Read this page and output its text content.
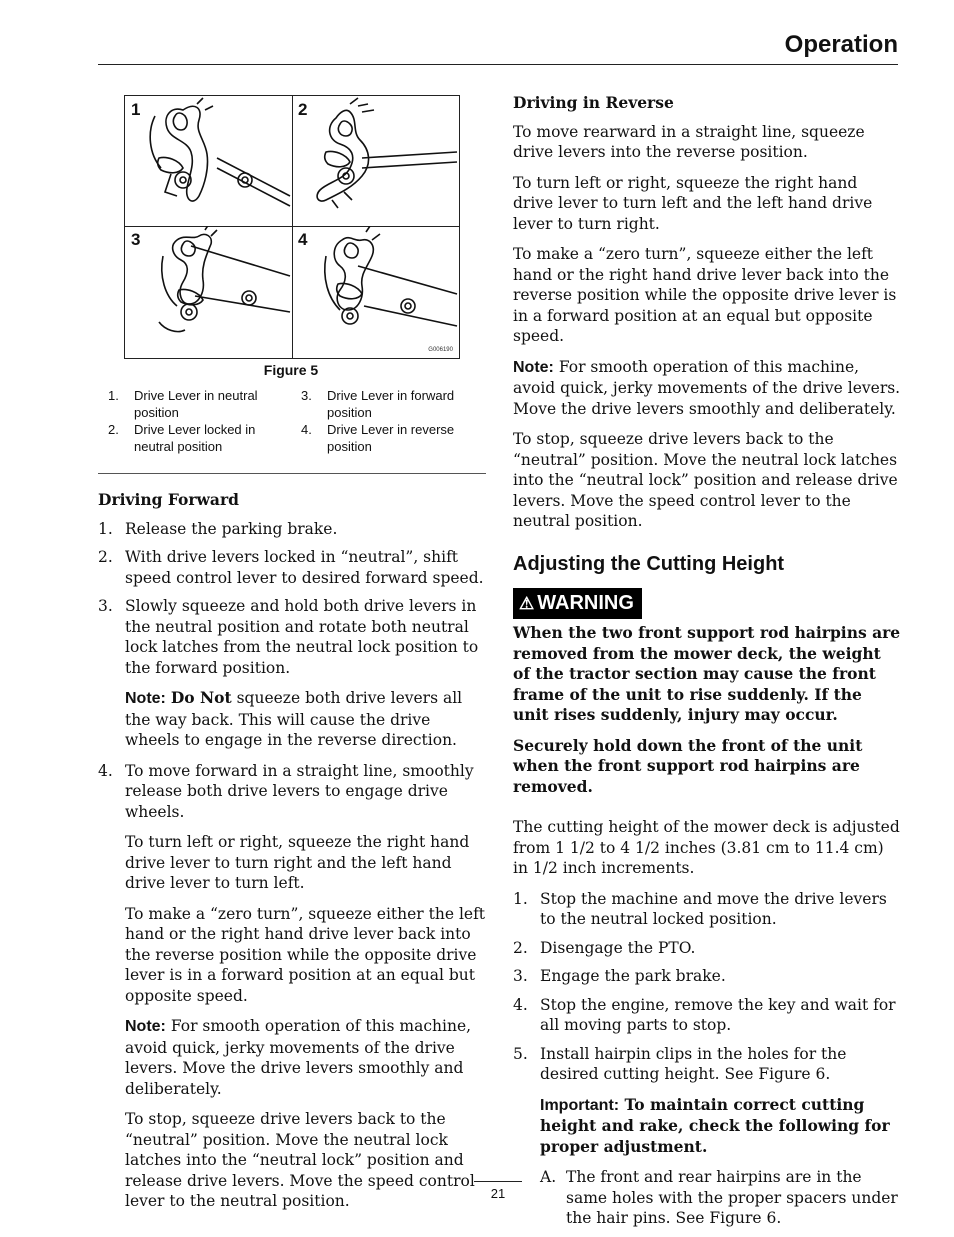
Operation
1	2
3	4
G006190
Figure 5
1.	Drive Lever in neutral position
2.	Drive Lever locked in neutral position
3.	Drive Lever in forward position
4.	Drive Lever in reverse position
Driving Forward
1. Release the parking brake.
2. With drive levers locked in “neutral”, shift speed control lever to desired forward speed.
3. Slowly squeeze and hold both drive levers in the neutral position and rotate both neutral lock latches from the neutral lock position to the forward position.

Note: Do Not squeeze both drive levers all the way back. This will cause the drive wheels to engage in the reverse direction.

4. To move forward in a straight line, smoothly release both drive levers to engage drive wheels.

To turn left or right, squeeze the right hand drive lever to turn right and the left hand drive lever to turn left.

To make a “zero turn”, squeeze either the left hand or the right hand drive lever back into the reverse position while the opposite drive lever is in a forward position at an equal but opposite speed.

Note: For smooth operation of this machine, avoid quick, jerky movements of the drive levers. Move the drive levers smoothly and deliberately.

To stop, squeeze drive levers back to the “neutral” position. Move the neutral lock latches into the “neutral lock” position and release drive levers. Move the speed control lever to the neutral position.

Driving in Reverse

To move rearward in a straight line, squeeze drive levers into the reverse position.

To turn left or right, squeeze the right hand drive lever to turn left and the left hand drive lever to turn right.

To make a “zero turn”, squeeze either the left hand or the right hand drive lever back into the reverse position while the opposite drive lever is in a forward position at an equal but opposite speed.

Note: For smooth operation of this machine, avoid quick, jerky movements of the drive levers. Move the drive levers smoothly and deliberately.

To stop, squeeze drive levers back to the “neutral” position. Move the neutral lock latches into the “neutral lock” position and release drive levers. Move the speed control lever to the neutral position.

Adjusting the Cutting Height
⚠ WARNING

When the two front support rod hairpins are removed from the mower deck, the weight of the tractor section may cause the front frame of the unit to rise suddenly. If the unit rises suddenly, injury may occur.

Securely hold down the front of the unit when the front support rod hairpins are removed.

The cutting height of the mower deck is adjusted from 1 1/2 to 4 1/2 inches (3.81 cm to 11.4 cm) in 1/2 inch increments.

1. Stop the machine and move the drive levers to the neutral locked position.
2. Disengage the PTO.
3. Engage the park brake.
4. Stop the engine, remove the key and wait for all moving parts to stop.
5. Install hairpin clips in the holes for the desired cutting height. See Figure 6.

Important: To maintain correct cutting height and rake, check the following for proper adjustment.

A. The front and rear hairpins are in the same holes with the proper spacers under the hair pins. See Figure 6.
21
